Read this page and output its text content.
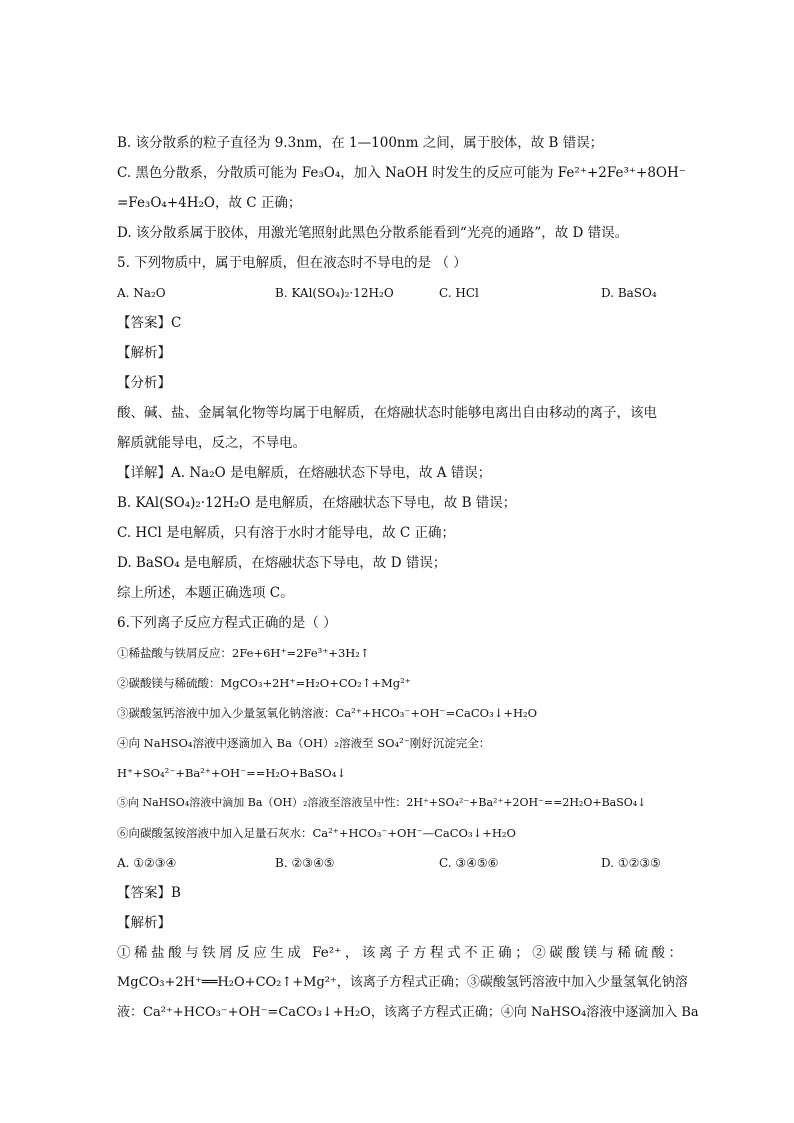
B. 该分散系的粒子直径为 9.3nm，在 1—100nm 之间，属于胶体，故 B 错误；
C. 黑色分散系，分散质可能为 Fe₃O₄，加入 NaOH 时发生的反应可能为 Fe²⁺+2Fe³⁺+8OH⁻
=Fe₃O₄+4H₂O，故 C 正确；
D. 该分散系属于胶体，用激光笔照射此黑色分散系能看到“光亮的通路”，故 D 错误。
5. 下列物质中，属于电解质，但在液态时不导电的是 （ ）
A. Na₂O	B. KAl(SO₄)₂·12H₂O	C. HCl	D. BaSO₄
【答案】C
【解析】
【分析】
酸、碱、盐、金属氧化物等均属于电解质，在熔融状态时能够电离出自由移动的离子，该电
解质就能导电，反之，不导电。
【详解】A. Na₂O 是电解质，在熔融状态下导电，故 A 错误；
B. KAl(SO₄)₂·12H₂O 是电解质，在熔融状态下导电，故 B 错误；
C. HCl 是电解质，只有溶于水时才能导电，故 C 正确；
D. BaSO₄ 是电解质，在熔融状态下导电，故 D 错误；
综上所述，本题正确选项 C。
6.下列离子反应方程式正确的是（ ）
①稀盐酸与铁屑反应：2Fe+6H⁺=2Fe³⁺+3H₂↑
②碳酸镁与稀硫酸：MgCO₃+2H⁺=H₂O+CO₂↑+Mg²⁺
③碳酸氢钙溶液中加入少量氢氧化钠溶液：Ca²⁺+HCO₃⁻+OH⁻=CaCO₃↓+H₂O
④向 NaHSO₄溶液中逐滴加入 Ba（OH）₂溶液至 SO₄²⁻刚好沉淀完全：
H⁺+SO₄²⁻+Ba²⁺+OH⁻==H₂O+BaSO₄↓
⑤向 NaHSO₄溶液中滴加 Ba（OH）₂溶液至溶液呈中性：2H⁺+SO₄²⁻+Ba²⁺+2OH⁻==2H₂O+BaSO₄↓
⑥向碳酸氢铵溶液中加入足量石灰水：Ca²⁺+HCO₃⁻+OH⁻—CaCO₃↓+H₂O
A. ①②③④	B. ②③④⑤	C. ③④⑤⑥	D. ①②③⑤
【答案】B
【解析】
①稀盐酸与铁屑反应生成 Fe²⁺，该离子方程式不正确；②碳酸镁与稀硫酸：
MgCO₃+2H⁺══H₂O+CO₂↑+Mg²⁺，该离子方程式正确；③碳酸氢钙溶液中加入少量氢氧化钠溶
液：Ca²⁺+HCO₃⁻+OH⁻=CaCO₃↓+H₂O，该离子方程式正确；④向 NaHSO₄溶液中逐滴加入 Ba
